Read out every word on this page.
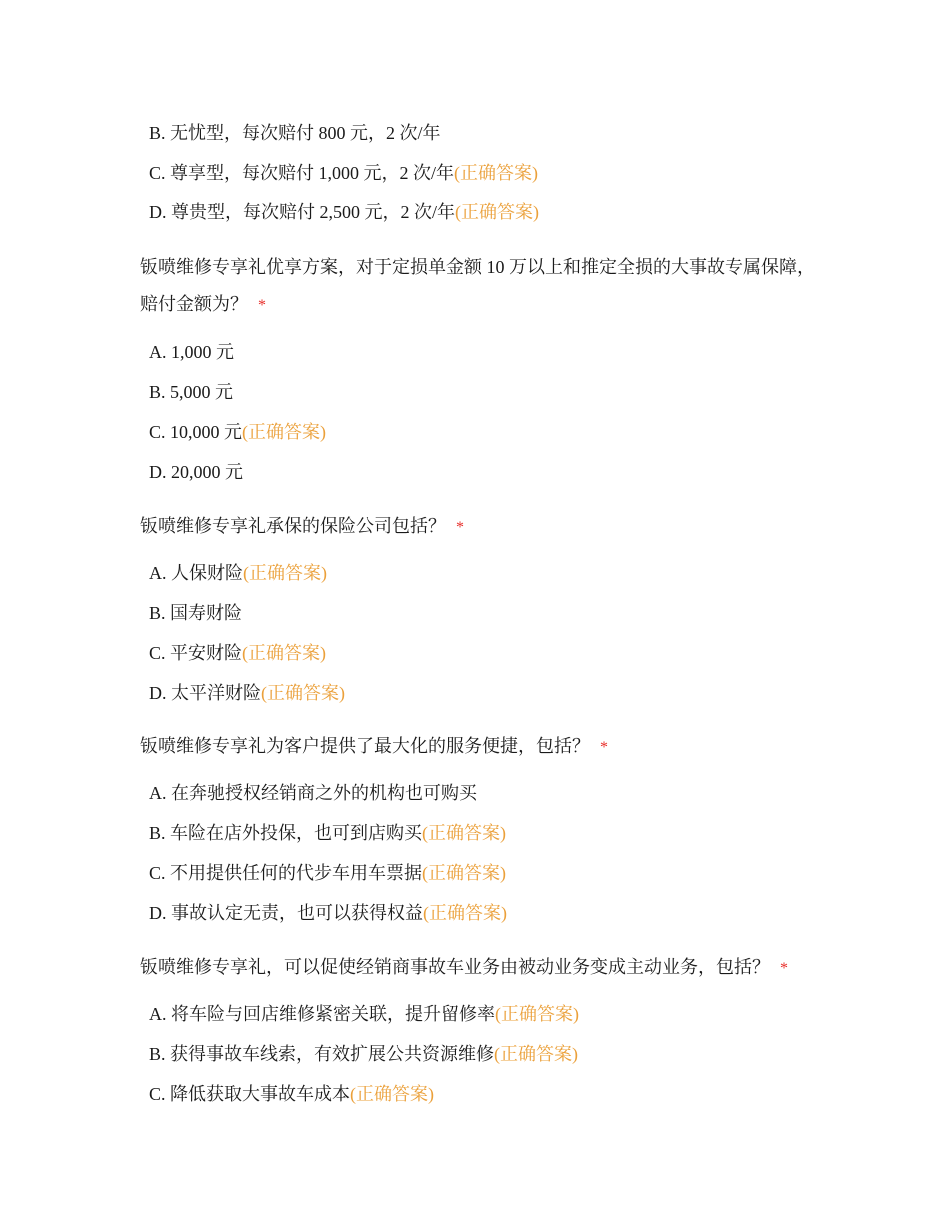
B. 无忧型，每次赔付 800 元，2 次/年
C. 尊享型，每次赔付 1,000 元，2 次/年(正确答案)
D. 尊贵型，每次赔付 2,500 元，2 次/年(正确答案)

钣喷维修专享礼优享方案，对于定损单金额 10 万以上和推定全损的大事故专属保障，赔付金额为？ *

A. 1,000 元
B. 5,000 元
C. 10,000 元(正确答案)
D. 20,000 元

钣喷维修专享礼承保的保险公司包括？ *

A. 人保财险(正确答案)
B. 国寿财险
C. 平安财险(正确答案)
D. 太平洋财险(正确答案)

钣喷维修专享礼为客户提供了最大化的服务便捷，包括？ *

A. 在奔驰授权经销商之外的机构也可购买
B. 车险在店外投保，也可到店购买(正确答案)
C. 不用提供任何的代步车用车票据(正确答案)
D. 事故认定无责，也可以获得权益(正确答案)

钣喷维修专享礼，可以促使经销商事故车业务由被动业务变成主动业务，包括？ *

A. 将车险与回店维修紧密关联，提升留修率(正确答案)
B. 获得事故车线索，有效扩展公共资源维修(正确答案)
C. 降低获取大事故车成本(正确答案)
